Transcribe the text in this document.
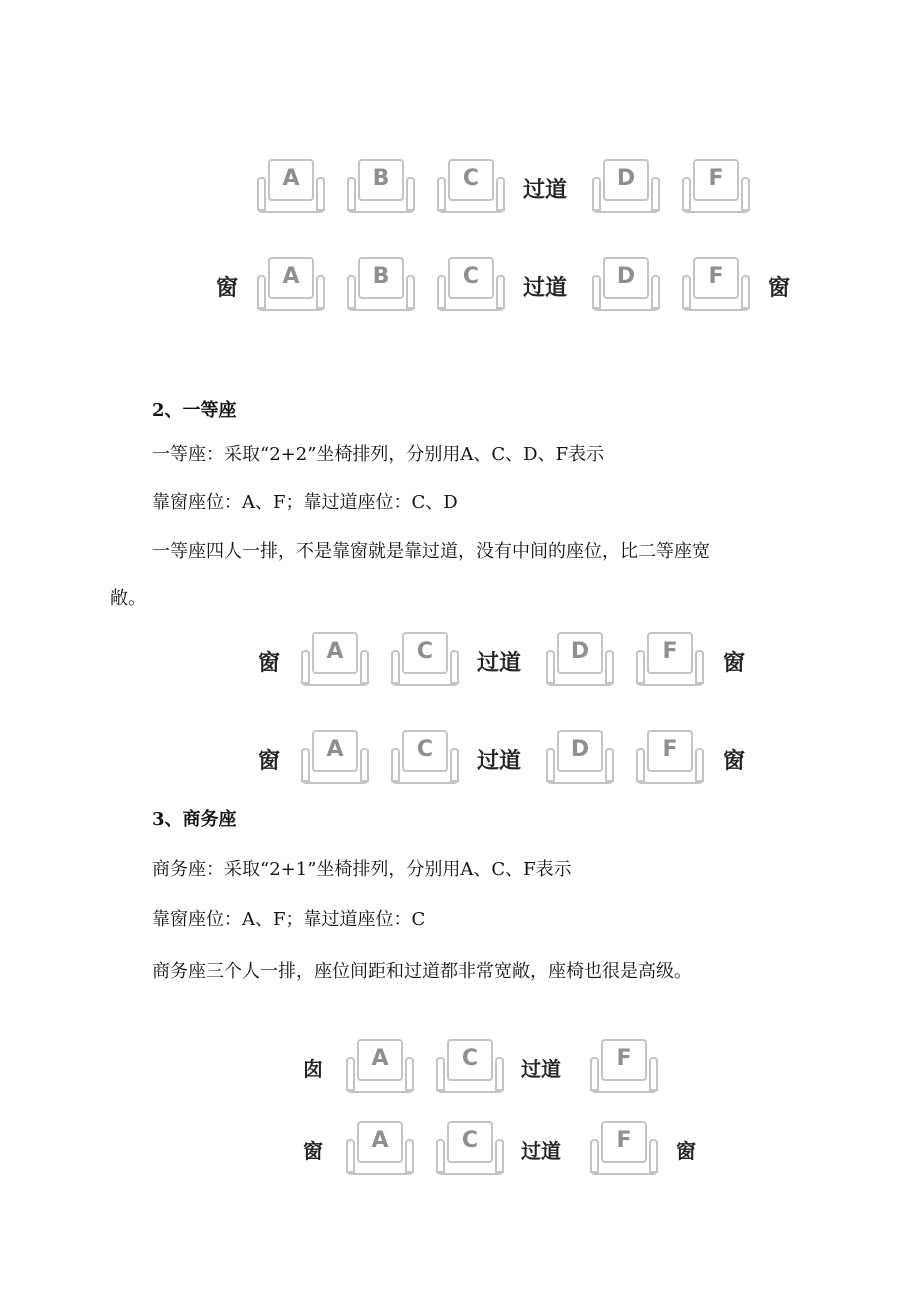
A	B	C	过道	D	F
窗	A	B	C	过道	D	F	窗
2、一等座
一等座：采取“2+2”坐椅排列，分别用A、C、D、F表示
靠窗座位：A、F；靠过道座位：C、D
一等座四人一排，不是靠窗就是靠过道，没有中间的座位，比二等座宽
敞。
窗	A	C	过道	D	F	窗
窗	A	C	过道	D	F	窗
3、商务座
商务座：采取“2+1”坐椅排列，分别用A、C、F表示
靠窗座位：A、F；靠过道座位：C
商务座三个人一排，座位间距和过道都非常宽敞，座椅也很是高级。
囱	A	C	过道	F
窗	A	C	过道	F	窗
